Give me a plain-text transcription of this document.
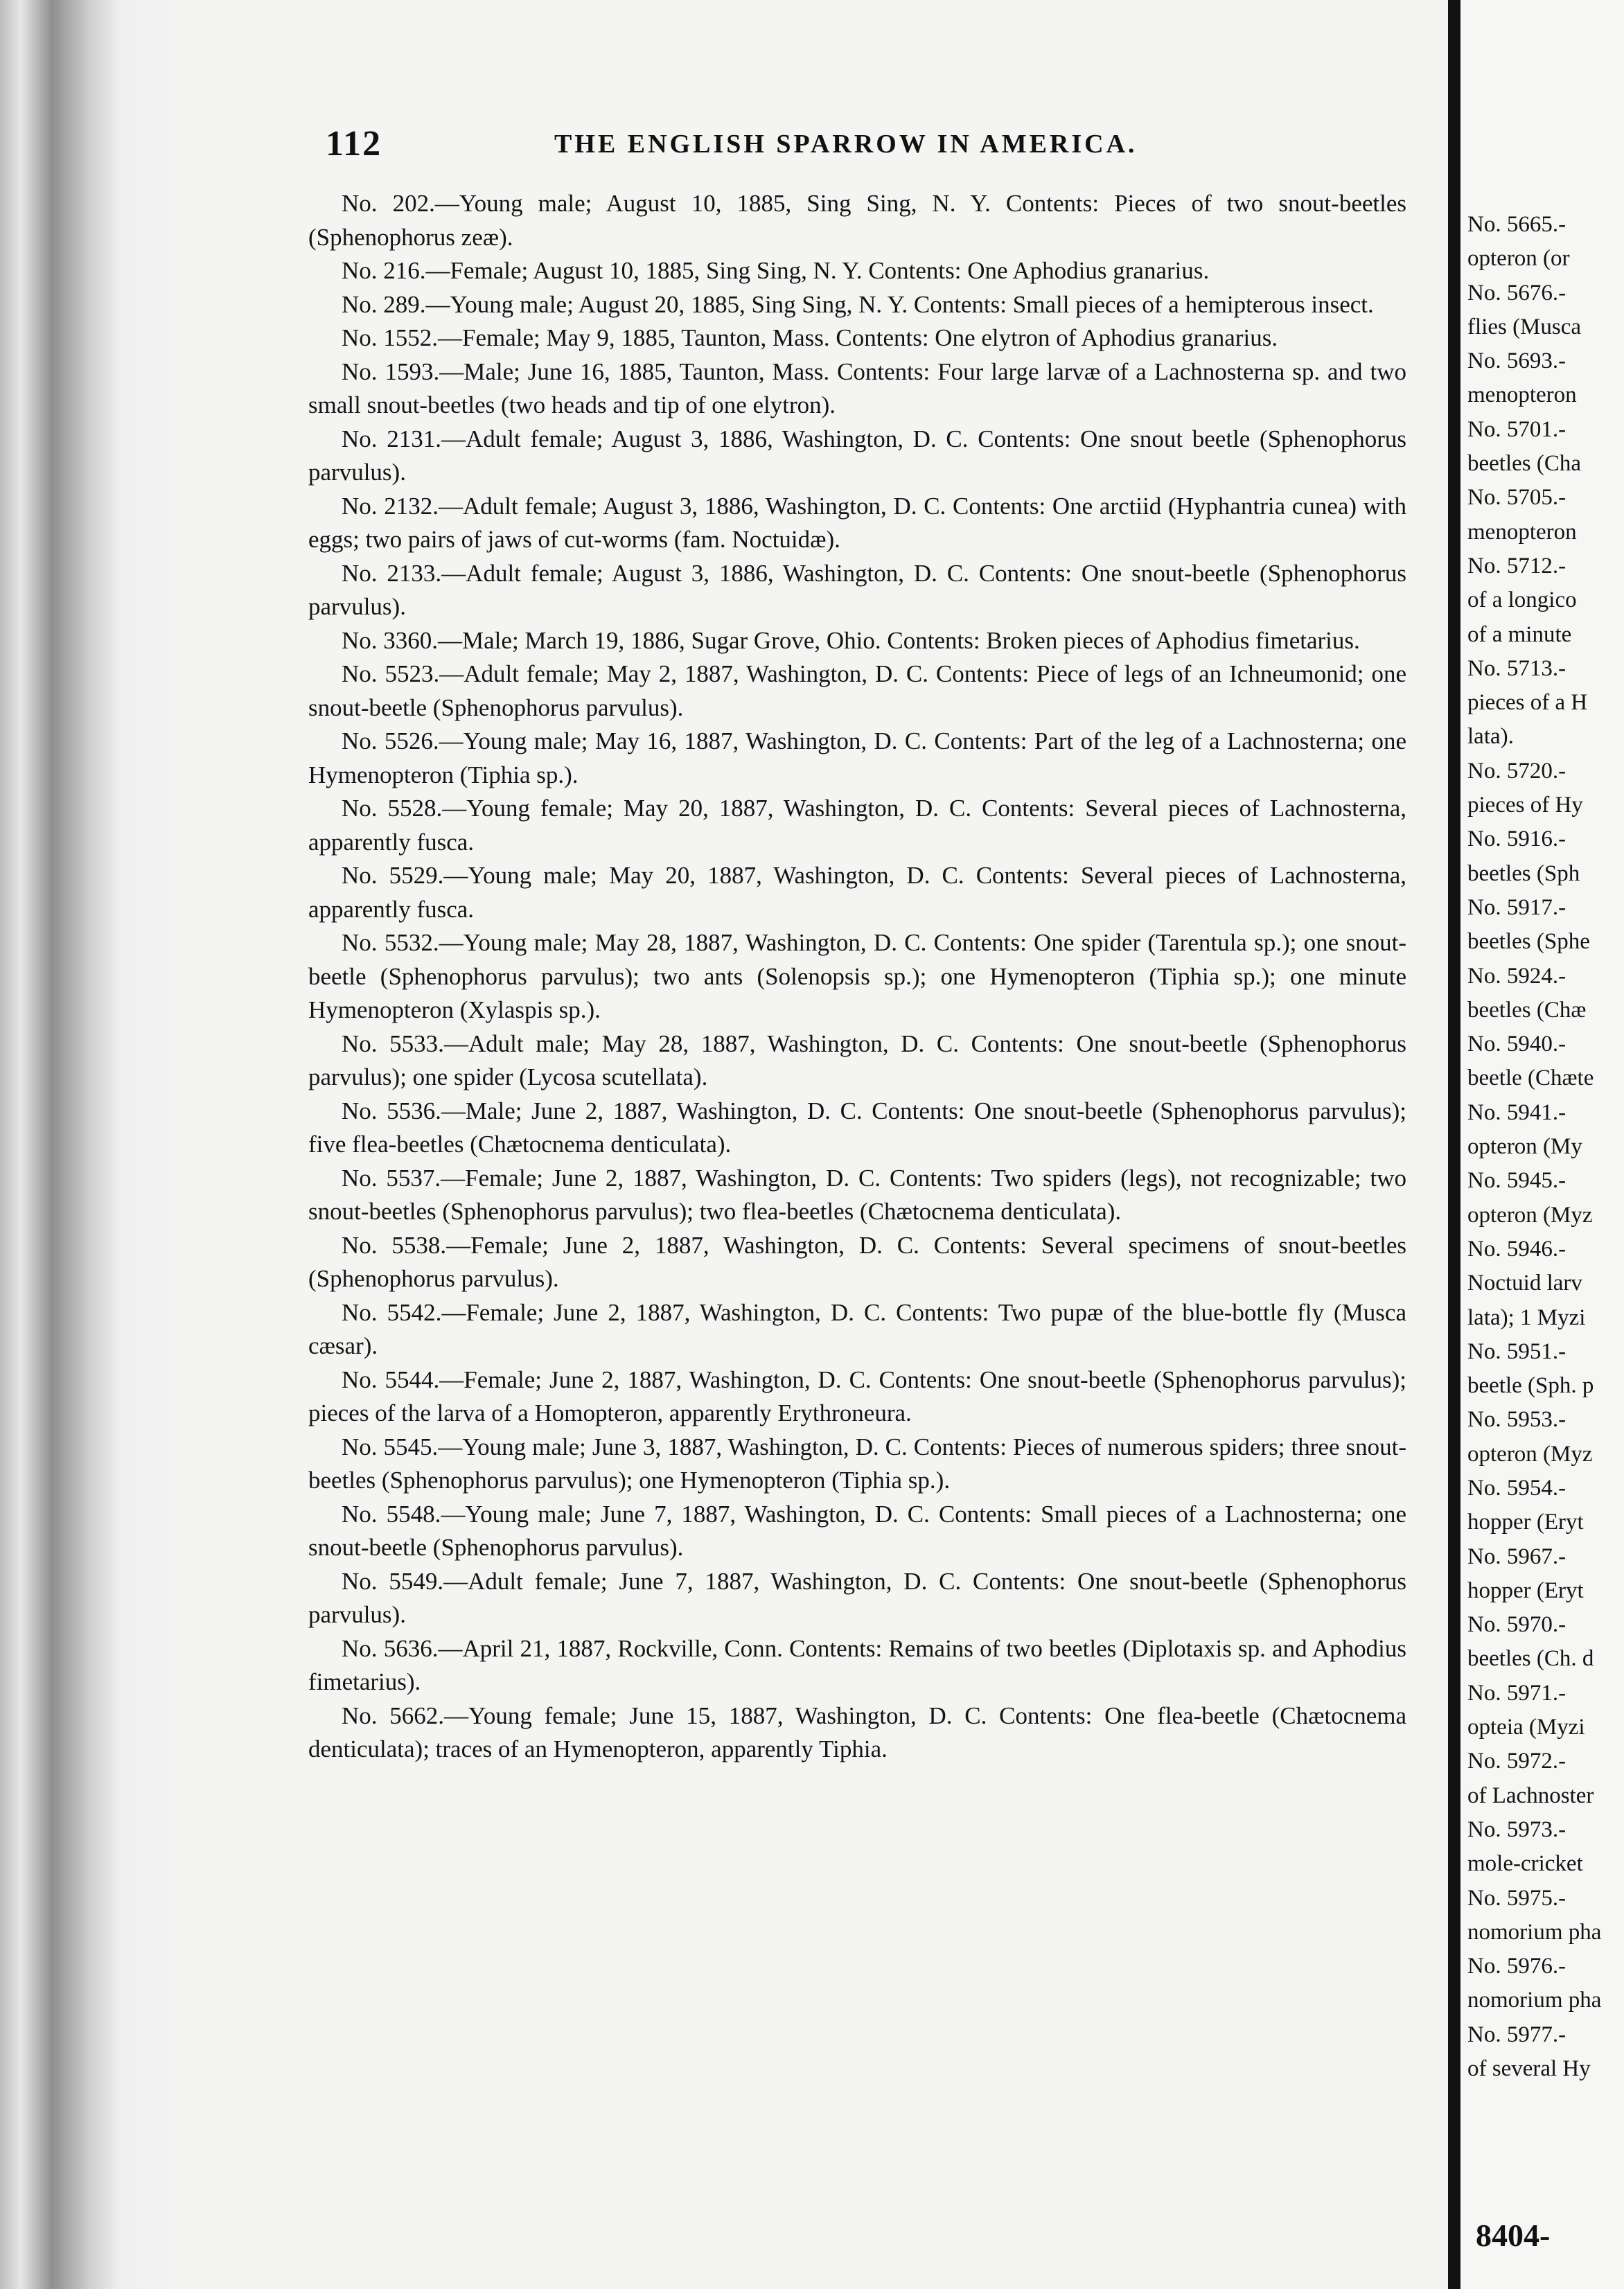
112	THE ENGLISH SPARROW IN AMERICA.

No. 202.—Young male; August 10, 1885, Sing Sing, N. Y. Contents: Pieces of two snout-beetles (Sphenophorus zeæ).

No. 216.—Female; August 10, 1885, Sing Sing, N. Y. Contents: One Aphodius granarius.

No. 289.—Young male; August 20, 1885, Sing Sing, N. Y. Contents: Small pieces of a hemipterous insect.

No. 1552.—Female; May 9, 1885, Taunton, Mass. Contents: One elytron of Aphodius granarius.

No. 1593.—Male; June 16, 1885, Taunton, Mass. Contents: Four large larvæ of a Lachnosterna sp. and two small snout-beetles (two heads and tip of one elytron).

No. 2131.—Adult female; August 3, 1886, Washington, D. C. Contents: One snout beetle (Sphenophorus parvulus).

No. 2132.—Adult female; August 3, 1886, Washington, D. C. Contents: One arctiid (Hyphantria cunea) with eggs; two pairs of jaws of cut-worms (fam. Noctuidæ).

No. 2133.—Adult female; August 3, 1886, Washington, D. C. Contents: One snout-beetle (Sphenophorus parvulus).

No. 3360.—Male; March 19, 1886, Sugar Grove, Ohio. Contents: Broken pieces of Aphodius fimetarius.

No. 5523.—Adult female; May 2, 1887, Washington, D. C. Contents: Piece of legs of an Ichneumonid; one snout-beetle (Sphenophorus parvulus).

No. 5526.—Young male; May 16, 1887, Washington, D. C. Contents: Part of the leg of a Lachnosterna; one Hymenopteron (Tiphia sp.).

No. 5528.—Young female; May 20, 1887, Washington, D. C. Contents: Several pieces of Lachnosterna, apparently fusca.

No. 5529.—Young male; May 20, 1887, Washington, D. C. Contents: Several pieces of Lachnosterna, apparently fusca.

No. 5532.—Young male; May 28, 1887, Washington, D. C. Contents: One spider (Tarentula sp.); one snout-beetle (Sphenophorus parvulus); two ants (Solenopsis sp.); one Hymenopteron (Tiphia sp.); one minute Hymenopteron (Xylaspis sp.).

No. 5533.—Adult male; May 28, 1887, Washington, D. C. Contents: One snout-beetle (Sphenophorus parvulus); one spider (Lycosa scutellata).

No. 5536.—Male; June 2, 1887, Washington, D. C. Contents: One snout-beetle (Sphenophorus parvulus); five flea-beetles (Chætocnema denticulata).

No. 5537.—Female; June 2, 1887, Washington, D. C. Contents: Two spiders (legs), not recognizable; two snout-beetles (Sphenophorus parvulus); two flea-beetles (Chætocnema denticulata).

No. 5538.—Female; June 2, 1887, Washington, D. C. Contents: Several specimens of snout-beetles (Sphenophorus parvulus).

No. 5542.—Female; June 2, 1887, Washington, D. C. Contents: Two pupæ of the blue-bottle fly (Musca cæsar).

No. 5544.—Female; June 2, 1887, Washington, D. C. Contents: One snout-beetle (Sphenophorus parvulus); pieces of the larva of a Homopteron, apparently Erythroneura.

No. 5545.—Young male; June 3, 1887, Washington, D. C. Contents: Pieces of numerous spiders; three snout-beetles (Sphenophorus parvulus); one Hymenopteron (Tiphia sp.).

No. 5548.—Young male; June 7, 1887, Washington, D. C. Contents: Small pieces of a Lachnosterna; one snout-beetle (Sphenophorus parvulus).

No. 5549.—Adult female; June 7, 1887, Washington, D. C. Contents: One snout-beetle (Sphenophorus parvulus).

No. 5636.—April 21, 1887, Rockville, Conn. Contents: Remains of two beetles (Diplotaxis sp. and Aphodius fimetarius).

No. 5662.—Young female; June 15, 1887, Washington, D. C. Contents: One flea-beetle (Chætocnema denticulata); traces of an Hymenopteron, apparently Tiphia.

No. 5665.-
opteron (or
No. 5676.-
flies (Musca
No. 5693.-
menopteron
No. 5701.-
beetles (Cha
No. 5705.-
menopteron
No. 5712.-
of a longico
of a minute
No. 5713.-
pieces of a H
lata).
No. 5720.-
pieces of Hy
No. 5916.-
beetles (Sph
No. 5917.-
beetles (Sphe
No. 5924.-
beetles (Chæ
No. 5940.-
beetle (Chæte
No. 5941.-
opteron (My
No. 5945.-
opteron (Myz
No. 5946.-
Noctuid larv
lata); 1 Myzi
No. 5951.-
beetle (Sph. p
No. 5953.-
opteron (Myz
No. 5954.-
hopper (Eryt
No. 5967.-
hopper (Eryt
No. 5970.-
beetles (Ch. d
No. 5971.-
opteia (Myzi
No. 5972.-
of Lachnoster
No. 5973.-
mole-cricket
No. 5975.-
nomorium pha
No. 5976.-
nomorium pha
No. 5977.-
of several Hy
8404-
